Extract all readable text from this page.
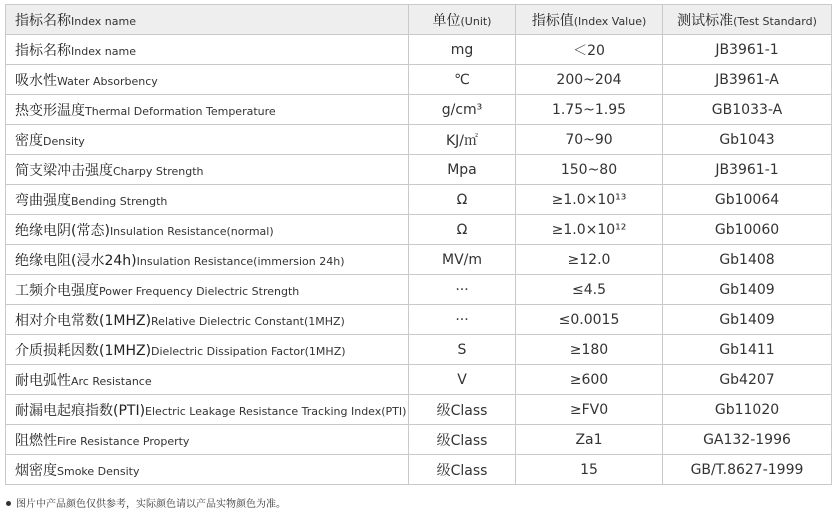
指标名称Index name	单位(Unit)	指标值(Index Value)	测试标准(Test Standard)
指标名称Index name	mg	＜20	JB3961-1
吸水性Water Absorbency	℃	200~204	JB3961-A
热变形温度Thermal Deformation Temperature	g/cm³	1.75~1.95	GB1033-A
密度Density	KJ/㎡	70~90	Gb1043
简支梁冲击强度Charpy Strength	Mpa	150~80	JB3961-1
弯曲强度Bending Strength	Ω	≥1.0×10¹³	Gb10064
绝缘电阴(常态)Insulation Resistance(normal)	Ω	≥1.0×10¹²	Gb10060
绝缘电阻(浸水24h)Insulation Resistance(immersion 24h)	MV/m	≥12.0	Gb1408
工频介电强度Power Frequency Dielectric Strength	···	≤4.5	Gb1409
相对介电常数(1MHZ)Relative Dielectric Constant(1MHZ)	···	≤0.0015	Gb1409
介质损耗因数(1MHZ)Dielectric Dissipation Factor(1MHZ)	S	≥180	Gb1411
耐电弧性Arc Resistance	V	≥600	Gb4207
耐漏电起痕指数(PTI)Electric Leakage Resistance Tracking Index(PTI)	级Class	≥FV0	Gb11020
阻燃性Fire Resistance Property	级Class	Za1	GA132-1996
烟密度Smoke Density	级Class	15	GB/T.8627-1999
图片中产品颜色仅供参考，实际颜色请以产品实物颜色为准。
